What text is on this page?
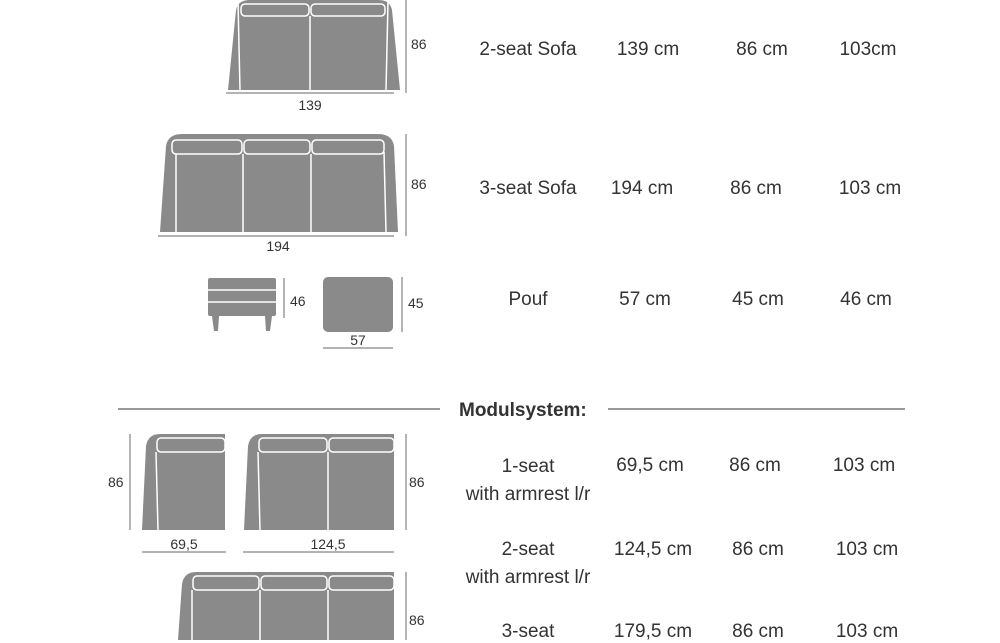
86
139
86
194
46	45
57
86	86
69,5	124,5
86
2-seat Sofa	139 cm	86 cm	103cm
3-seat Sofa	194 cm	86 cm	103 cm
Pouf	57 cm	45 cm	46 cm
Modulsystem:
1-seat
with armrest l/r
69,5 cm	86 cm	103 cm
2-seat
with armrest l/r
124,5 cm	86 cm	103 cm
3-seat	179,5 cm	86 cm	103 cm
